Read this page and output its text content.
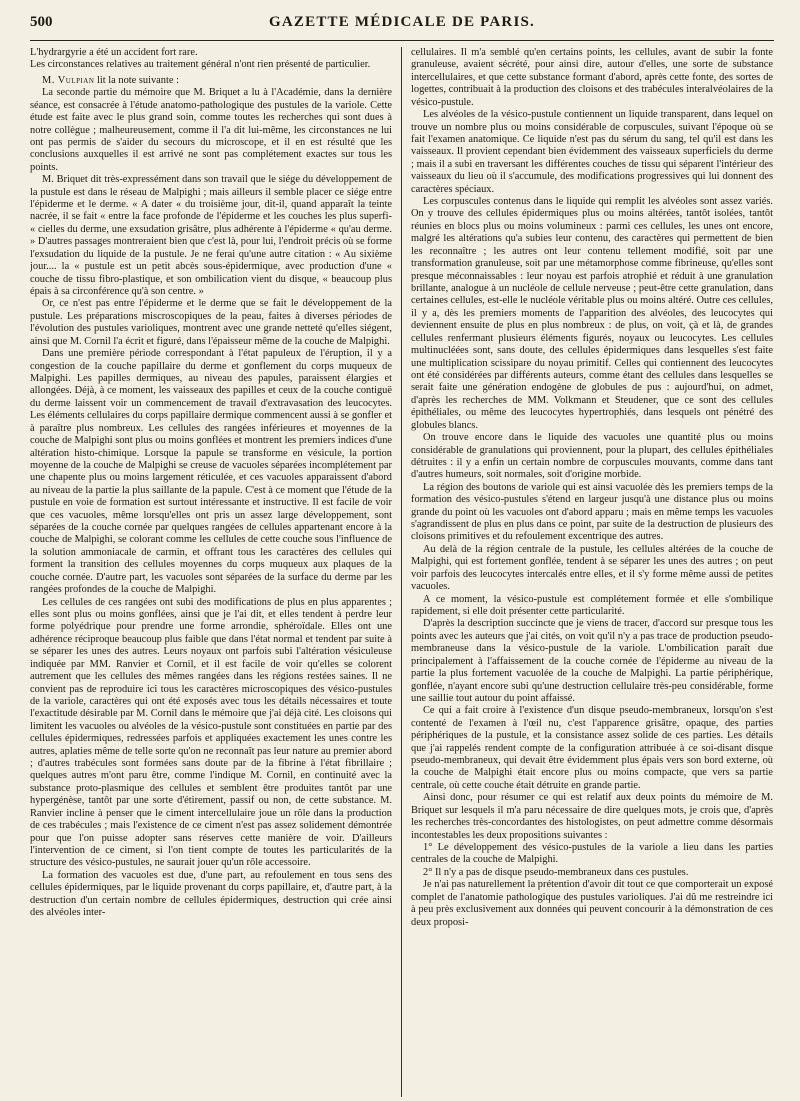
500	GAZETTE MÉDICALE DE PARIS.

L'hydrargyrie a été un accident fort rare.

Les circonstances relatives au traitement général n'ont rien présenté de particulier.

M. Vulpian lit la note suivante :

La seconde partie du mémoire que M. Briquet a lu à l'Académie, dans la dernière séance, est consacrée à l'étude anatomo-pathologique des pustules de la variole. Cette étude est faite avec le plus grand soin, comme toutes les recherches qui sont dues à notre collègue ; malheureusement, comme il l'a dit lui-même, les circonstances ne lui ont pas permis de s'aider du secours du microscope, et il en est résulté que les conclusions auxquelles il est arrivé ne sont pas complétement exactes sur tous les points.

M. Briquet dit très-expressément dans son travail que le siége du développement de la pustule est dans le réseau de Malpighi ; mais ailleurs il semble placer ce siége entre l'épiderme et le derme. « A dater « du troisième jour, dit-il, quand apparaît la teinte nacrée, il se fait « entre la face profonde de l'épiderme et les couches les plus superfi- « cielles du derme, une exsudation grisâtre, plus adhérente à l'épiderme « qu'au derme. » D'autres passages montreraient bien que c'est là, pour lui, l'endroit précis où se forme l'exsudation du liquide de la pustule. Je ne ferai qu'une autre citation : « Au sixième jour.... la « pustule est un petit abcès sous-épidermique, avec production d'une « couche de tissu fibro-plastique, et son ombilication vient du disque, « beaucoup plus épais à sa circonférence qu'à son centre. »

Or, ce n'est pas entre l'épiderme et le derme que se fait le développement de la pustule. Les préparations miscroscopiques de la peau, faites à diverses périodes de l'évolution des pustules varioliques, montrent avec une grande netteté qu'elles siégent, ainsi que M. Cornil l'a écrit et figuré, dans l'épaisseur même de la couche de Malpighi.

Dans une première période correspondant à l'état papuleux de l'éruption, il y a congestion de la couche papillaire du derme et gonflement du corps muqueux de Malpighi. Les papilles dermiques, au niveau des papules, paraissent élargies et allongées. Déjà, à ce moment, les vaisseaux des papilles et ceux de la couche contiguë du derme laissent voir un commencement de travail d'extravasation des leucocytes. Les éléments cellulaires du corps papillaire dermique commencent aussi à se gonfler et à paraître plus nombreux. Les cellules des rangées inférieures et moyennes de la couche de Malpighi sont plus ou moins gonflées et montrent les premiers indices d'une altération histo-chimique. Lorsque la papule se transforme en vésicule, la portion moyenne de la couche de Malpighi se creuse de vacuoles séparées incomplétement par une chapente plus ou moins largement réticulée, et ces vacuoles apparaissent d'abord au niveau de la partie la plus saillante de la papule. C'est à ce moment que l'étude de la pustule en voie de formation est surtout intéressante et instructive. Il est facile de voir que ces vacuoles, même lorsqu'elles ont pris un assez large développement, sont séparées de la couche cornée par quelques rangées de cellules appartenant encore à la couche de Malpighi, se colorant comme les cellules de cette couche sous l'influence de la solution ammoniacale de carmin, et offrant tous les caractères des cellules qui forment la transition des cellules moyennes du corps muqueux aux plaques de la couche cornée. D'autre part, les vacuoles sont séparées de la surface du derme par les rangées profondes de la couche de Malpighi.

Les cellules de ces rangées ont subi des modifications de plus en plus apparentes ; elles sont plus ou moins gonflées, ainsi que je l'ai dit, et elles tendent à perdre leur forme polyédrique pour prendre une forme arrondie, sphéroïdale. Elles ont une adhérence réciproque beaucoup plus faible que dans l'état normal et tendent par suite à se séparer les unes des autres. Leurs noyaux ont parfois subi l'altération vésiculeuse indiquée par MM. Ranvier et Cornil, et il est facile de voir qu'elles se colorent autrement que les cellules des mêmes rangées dans les régions restées saines. Il ne convient pas de reproduire ici tous les caractères microscopiques des vésico-pustules de la variole, caractères qui ont été exposés avec tous les détails nécessaires et toute l'exactitude désirable par M. Cornil dans le mémoire que j'ai déjà cité. Les cloisons qui limitent les vacuoles ou alvéoles de la vésico-pustule sont constituées en partie par des cellules épidermiques, redressées parfois et appliquées exactement les unes contre les autres, aplaties même de telle sorte qu'on ne reconnaît pas leur nature au premier abord ; d'autres trabécules sont formées sans doute par de la fibrine à l'état fibrillaire ; quelques autres m'ont paru être, comme l'indique M. Cornil, en continuité avec la substance proto-plasmique des cellules et semblent être produites tantôt par une hypergénèse, tantôt par une sorte d'étirement, passif ou non, de cette substance. M. Ranvier incline à penser que le ciment intercellulaire joue un rôle dans la production de ces trabécules ; mais l'existence de ce ciment n'est pas assez solidement démontrée pour que l'on puisse adopter sans réserves cette manière de voir. D'ailleurs l'intervention de ce ciment, si l'on tient compte de toutes les particularités de la structure des vésico-pustules, ne saurait jouer qu'un rôle accessoire.

La formation des vacuoles est due, d'une part, au refoulement en tous sens des cellules épidermiques, par le liquide provenant du corps papillaire, et, d'autre part, à la destruction d'un certain nombre de cellules épidermiques, destruction qui crée ainsi des alvéoles inter-

cellulaires. Il m'a semblé qu'en certains points, les cellules, avant de subir la fonte granuleuse, avaient sécrété, pour ainsi dire, autour d'elles, une sorte de substance intercellulaires, et que cette substance formant d'abord, après cette fonte, des sortes de logettes, contribuait à la production des cloisons et des trabécules interalvéolaires de la vésico-pustule.

Les alvéoles de la vésico-pustule contiennent un liquide transparent, dans lequel on trouve un nombre plus ou moins considérable de corpuscules, suivant l'époque où se fait l'examen anatomique. Ce liquide n'est pas du sérum du sang, tel qu'il est dans les vaisseaux. Il provient cependant bien évidemment des vaisseaux superficiels du derme ; mais il a subi en traversant les différentes couches de tissu qui séparent l'intérieur des vaisseaux du lieu où il s'accumule, des modifications progressives qui lui donnent des caractères spéciaux.

Les corpuscules contenus dans le liquide qui remplit les alvéoles sont assez variés. On y trouve des cellules épidermiques plus ou moins altérées, tantôt isolées, tantôt réunies en blocs plus ou moins volumineux : parmi ces cellules, les unes ont encore, malgré les altérations qu'a subies leur contenu, des caractères qui permettent de bien les reconnaître ; les autres ont leur contenu tellement modifié, soit par une transformation granuleuse, soit par une métamorphose comme fibrineuse, qu'elles sont presque méconnaissables : leur noyau est parfois atrophié et réduit à une granulation brillante, analogue à un nucléole de cellule nerveuse ; peut-être cette granulation, dans certaines cellules, est-elle le nucléole véritable plus ou moins altéré. Outre ces cellules, il y a, dès les premiers moments de l'apparition des alvéoles, des leucocytes qui deviennent ensuite de plus en plus nombreux : de plus, on voit, çà et là, de grandes cellules renfermant plusieurs éléments figurés, noyaux ou leucocytes. Les cellules multinucléées sont, sans doute, des cellules épidermiques dans lesquelles s'est faite une multiplication scissipare du noyau primitif. Celles qui contiennent des leucocytes ont été considérées par différents auteurs, comme étant des cellules dans lesquelles se serait faite une génération endogène de globules de pus : aujourd'hui, on admet, d'après les recherches de MM. Volkmann et Steudener, que ce sont des cellules épithéliales, ou même des leucocytes hypertrophiés, dans lesquels ont pénétré des globules blancs.

On trouve encore dans le liquide des vacuoles une quantité plus ou moins considérable de granulations qui proviennent, pour la plupart, des cellules épithéliales détruites : il y a enfin un certain nombre de corpuscules mouvants, comme dans tant d'autres humeurs, soit normales, soit d'origine morbide.

La région des boutons de variole qui est ainsi vacuolée dès les premiers temps de la formation des vésico-pustules s'étend en largeur jusqu'à une distance plus ou moins grande du point où les vacuoles ont d'abord apparu ; mais en même temps les vacuoles s'agrandissent de plus en plus dans ce point, par suite de la destruction de plusieurs des cloisons primitives et du refoulement excentrique des autres.

Au delà de la région centrale de la pustule, les cellules altérées de la couche de Malpighi, qui est fortement gonflée, tendent à se séparer les unes des autres ; on peut voir parfois des leucocytes intercalés entre elles, et il s'y forme même aussi de petites vacuoles.

A ce moment, la vésico-pustule est complétement formée et elle s'ombilique rapidement, si elle doit présenter cette particularité.

D'après la description succincte que je viens de tracer, d'accord sur presque tous les points avec les auteurs que j'ai cités, on voit qu'il n'y a pas trace de production pseudo-membraneuse dans la vésico-pustule de la variole. L'ombilication paraît due principalement à l'affaissement de la couche cornée de l'épiderme au niveau de la partie la plus fortement vacuolée de la couche de Malpighi. La partie périphérique, gonflée, n'ayant encore subi qu'une destruction cellulaire très-peu considérable, forme une saillie tout autour du point affaissé.

Ce qui a fait croire à l'existence d'un disque pseudo-membraneux, lorsqu'on s'est contenté de l'examen à l'œil nu, c'est l'apparence grisâtre, opaque, des parties périphériques de la pustule, et la consistance assez solide de ces parties. Les détails que j'ai rappelés rendent compte de la configuration attribuée à ce soi-disant disque pseudo-membraneux, qui devait être évidemment plus épais vers son bord externe, où la couche de Malpighi était encore plus ou moins compacte, que vers sa partie centrale, où cette couche était détruite en grande partie.

Ainsi donc, pour résumer ce qui est relatif aux deux points du mémoire de M. Briquet sur lesquels il m'a paru nécessaire de dire quelques mots, je crois que, d'après les recherches très-concordantes des histologistes, on peut admettre comme désormais incontestables les deux propositions suivantes :

1° Le développement des vésico-pustules de la variole a lieu dans les parties centrales de la couche de Malpighi.

2° Il n'y a pas de disque pseudo-membraneux dans ces pustules.

Je n'ai pas naturellement la prétention d'avoir dit tout ce que comporterait un exposé complet de l'anatomie pathologique des pustules varioliques. J'ai dû me restreindre ici à peu près exclusivement aux données qui peuvent concourir à la démonstration de ces deux proposi-
